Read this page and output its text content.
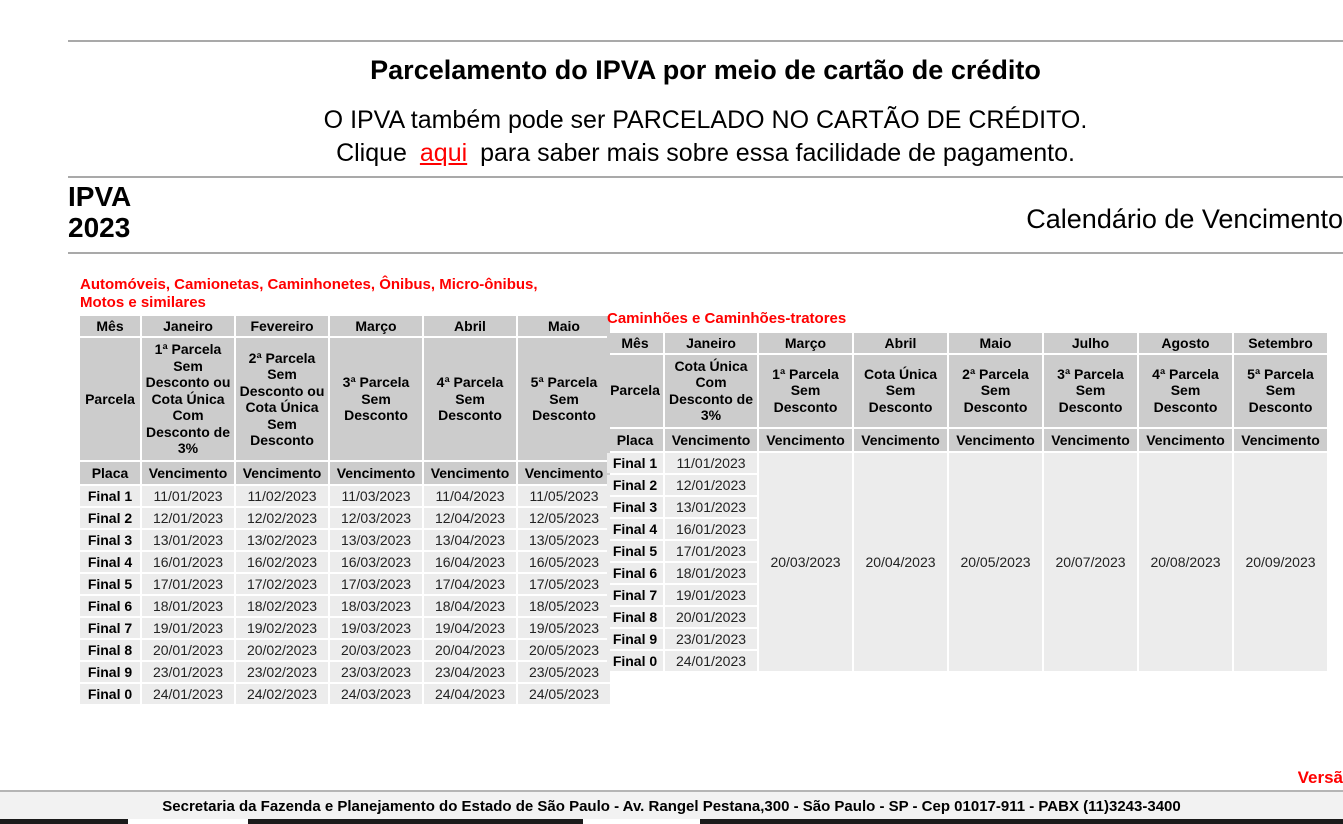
Parcelamento do IPVA por meio de cartão de crédito
O IPVA também pode ser PARCELADO NO CARTÃO DE CRÉDITO.
Clique aqui para saber mais sobre essa facilidade de pagamento.
IPVA
2023	Calendário de Vencimento
Automóveis, Camionetas, Caminhonetes, Ônibus, Micro-ônibus, Motos e similares
Mês	Janeiro	Fevereiro	Março	Abril	Maio
Parcela	1ª Parcela Sem Desconto ou Cota Única Com Desconto de 3%	2ª Parcela Sem Desconto ou Cota Única Sem Desconto	3ª Parcela Sem Desconto	4ª Parcela Sem Desconto	5ª Parcela Sem Desconto
Placa	Vencimento	Vencimento	Vencimento	Vencimento	Vencimento
Final 1	11/01/2023	11/02/2023	11/03/2023	11/04/2023	11/05/2023
Final 2	12/01/2023	12/02/2023	12/03/2023	12/04/2023	12/05/2023
Final 3	13/01/2023	13/02/2023	13/03/2023	13/04/2023	13/05/2023
Final 4	16/01/2023	16/02/2023	16/03/2023	16/04/2023	16/05/2023
Final 5	17/01/2023	17/02/2023	17/03/2023	17/04/2023	17/05/2023
Final 6	18/01/2023	18/02/2023	18/03/2023	18/04/2023	18/05/2023
Final 7	19/01/2023	19/02/2023	19/03/2023	19/04/2023	19/05/2023
Final 8	20/01/2023	20/02/2023	20/03/2023	20/04/2023	20/05/2023
Final 9	23/01/2023	23/02/2023	23/03/2023	23/04/2023	23/05/2023
Final 0	24/01/2023	24/02/2023	24/03/2023	24/04/2023	24/05/2023
Caminhões e Caminhões-tratores
Mês	Janeiro	Março	Abril	Maio	Julho	Agosto	Setembro
Parcela	Cota Única Com Desconto de 3%	1ª Parcela Sem Desconto	Cota Única Sem Desconto	2ª Parcela Sem Desconto	3ª Parcela Sem Desconto	4ª Parcela Sem Desconto	5ª Parcela Sem Desconto
Placa	Vencimento	Vencimento	Vencimento	Vencimento	Vencimento	Vencimento	Vencimento
Final 1	11/01/2023	20/03/2023	20/04/2023	20/05/2023	20/07/2023	20/08/2023	20/09/2023
Final 2	12/01/2023						
Final 3	13/01/2023						
Final 4	16/01/2023						
Final 5	17/01/2023						
Final 6	18/01/2023						
Final 7	19/01/2023						
Final 8	20/01/2023						
Final 9	23/01/2023						
Final 0	24/01/2023						
Versã
Secretaria da Fazenda e Planejamento do Estado de São Paulo - Av. Rangel Pestana,300 - São Paulo - SP - Cep 01017-911 - PABX (11)3243-3400
